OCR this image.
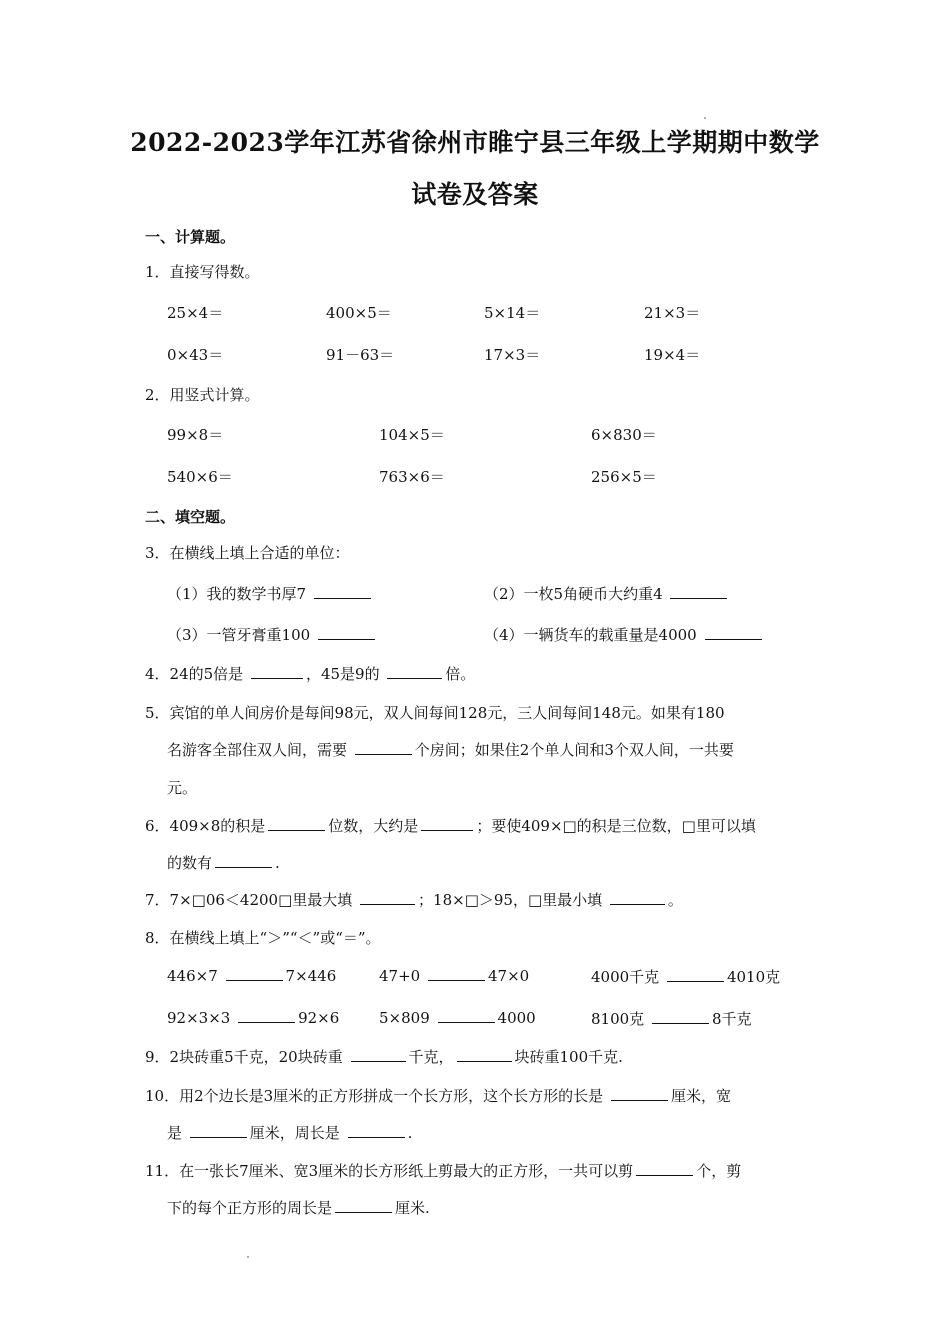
2022-2023学年江苏省徐州市睢宁县三年级上学期期中数学
试卷及答案
一、计算题。
1．直接写得数。
25×4＝	400×5＝	5×14＝	21×3＝
0×43＝	91－63＝	17×3＝	19×4＝
2．用竖式计算。
99×8＝	104×5＝	6×830＝
540×6＝	763×6＝	256×5＝
二、填空题。
3．在横线上填上合适的单位：
（1）我的数学书厚7	（2）一枚5角硬币大约重4
（3）一管牙膏重100	（4）一辆货车的载重量是4000
4．24的5倍是	，45是9的	倍。
5．宾馆的单人间房价是每间98元，双人间每间128元，三人间每间148元。如果有180
名游客全部住双人间，需要	个房间；如果住2个单人间和3个双人间，一共要
元。
6．409×8的积是	位数，大约是	；要使409×□的积是三位数，□里可以填
的数有	.
7．7×□06＜4200□里最大填	；18×□＞95，□里最小填	。
8．在横线上填上“＞”“＜”或“＝”。
446×7	7×446	47+0	47×0	4000千克	4010克
92×3×3	92×6	5×809	4000	8100克	8千克
9．2块砖重5千克，20块砖重	千克，	块砖重100千克.
10．用2个边长是3厘米的正方形拼成一个长方形，这个长方形的长是	厘米，宽
是	厘米，周长是	.
11．在一张长7厘米、宽3厘米的长方形纸上剪最大的正方形，一共可以剪	个，剪
下的每个正方形的周长是	厘米.
